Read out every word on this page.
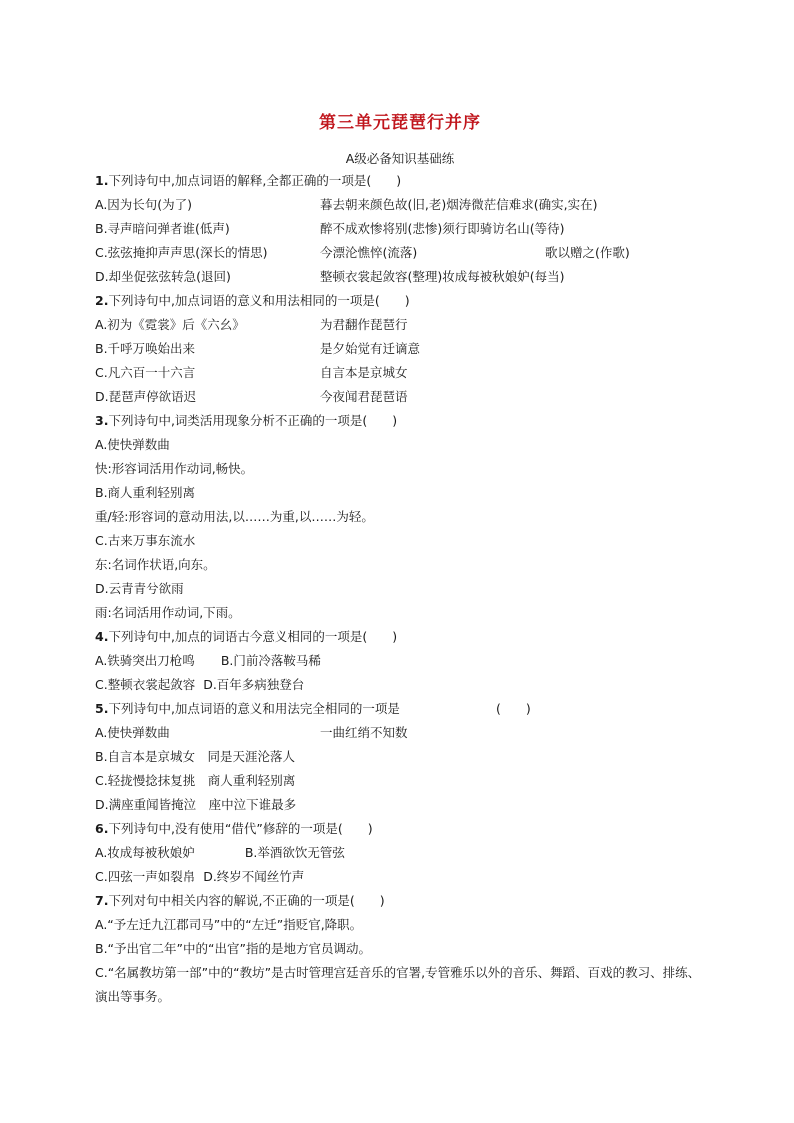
第三单元琵琶行并序
A级必备知识基础练
1.下列诗句中,加点词语的解释,全都正确的一项是(　　)
A.因为长句(为了)	暮去朝来颜色故(旧,老)烟涛微茫信难求(确实,实在)
B.寻声暗问弹者谁(低声)	醉不成欢惨将别(悲惨)须行即骑访名山(等待)
C.弦弦掩抑声声思(深长的情思)	今漂沦憔悴(流落)	歌以赠之(作歌)
D.却坐促弦弦转急(退回)	整顿衣裳起敛容(整理)妆成每被秋娘妒(每当)
2.下列诗句中,加点词语的意义和用法相同的一项是(　　)
A.初为《霓裳》后《六幺》	为君翻作琵琶行
B.千呼万唤始出来	是夕始觉有迁谪意
C.凡六百一十六言	自言本是京城女
D.琵琶声停欲语迟	今夜闻君琵琶语
3.下列诗句中,词类活用现象分析不正确的一项是(　　)
A.使快弹数曲
快:形容词活用作动词,畅快。
B.商人重利轻别离
重/轻:形容词的意动用法,以……为重,以……为轻。
C.古来万事东流水
东:名词作状语,向东。
D.云青青兮欲雨
雨:名词活用作动词,下雨。
4.下列诗句中,加点的词语古今意义相同的一项是(　　)
A.铁骑突出刀枪鸣 B.门前冷落鞍马稀
C.整顿衣裳起敛容 D.百年多病独登台
5.下列诗句中,加点词语的意义和用法完全相同的一项是	(　　)
A.使快弹数曲	一曲红绡不知数
B.自言本是京城女　同是天涯沦落人
C.轻拢慢捻抹复挑　商人重利轻别离
D.满座重闻皆掩泣　座中泣下谁最多
6.下列诗句中,没有使用“借代”修辞的一项是(　　)
A.妆成每被秋娘妒	B.举酒欲饮无管弦
C.四弦一声如裂帛 D.终岁不闻丝竹声
7.下列对句中相关内容的解说,不正确的一项是(　　)
A.“予左迁九江郡司马”中的“左迁”指贬官,降职。
B.“予出官二年”中的“出官”指的是地方官员调动。
C.“名属教坊第一部”中的“教坊”是古时管理宫廷音乐的官署,专管雅乐以外的音乐、舞蹈、百戏的教习、排练、演出等事务。
